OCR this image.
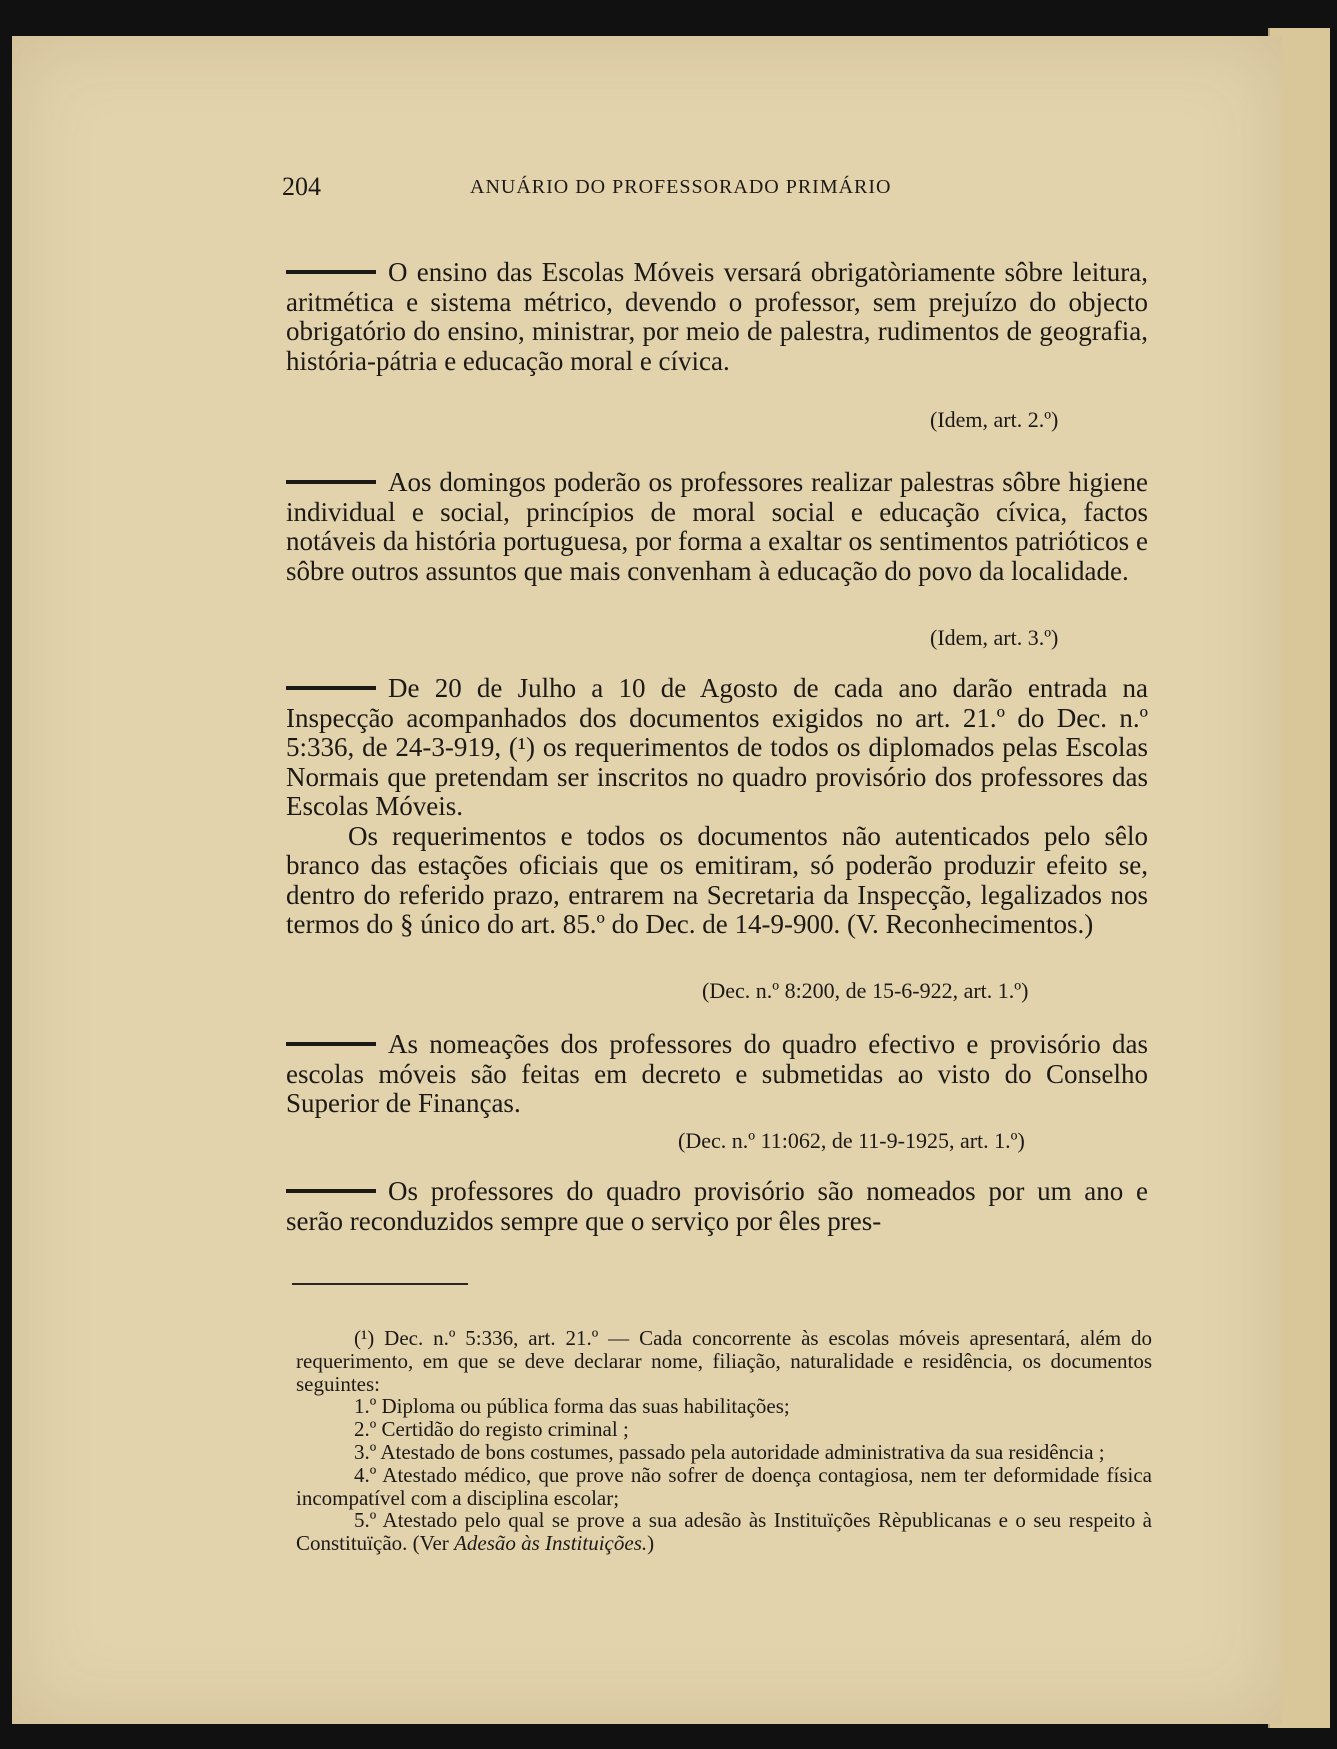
204	ANUÁRIO DO PROFESSORADO PRIMÁRIO

O ensino das Escolas Móveis versará obrigatòriamente sôbre leitura, aritmética e sistema métrico, devendo o professor, sem prejuízo do objecto obrigatório do ensino, ministrar, por meio de palestra, rudimentos de geografia, história-pátria e educação moral e cívica.

(Idem, art. 2.º)

Aos domingos poderão os professores realizar palestras sôbre higiene individual e social, princípios de moral social e educação cívica, factos notáveis da história portuguesa, por forma a exaltar os sentimentos patrióticos e sôbre outros assuntos que mais convenham à educação do povo da localidade.

(Idem, art. 3.º)

De 20 de Julho a 10 de Agosto de cada ano darão entrada na Inspecção acompanhados dos documentos exigidos no art. 21.º do Dec. n.º 5:336, de 24-3-919, (¹) os requerimentos de todos os diplomados pelas Escolas Normais que pretendam ser inscritos no quadro provisório dos professores das Escolas Móveis.

Os requerimentos e todos os documentos não autenticados pelo sêlo branco das estações oficiais que os emitiram, só poderão produzir efeito se, dentro do referido prazo, entrarem na Secretaria da Inspecção, legalizados nos termos do § único do art. 85.º do Dec. de 14-9-900. (V. Reconhecimentos.)

(Dec. n.º 8:200, de 15-6-922, art. 1.º)

As nomeações dos professores do quadro efectivo e provisório das escolas móveis são feitas em decreto e submetidas ao visto do Conselho Superior de Finanças.

(Dec. n.º 11:062, de 11-9-1925, art. 1.º)

Os professores do quadro provisório são nomeados por um ano e serão reconduzidos sempre que o serviço por êles pres-

(¹) Dec. n.º 5:336, art. 21.º — Cada concorrente às escolas móveis apresentará, além do requerimento, em que se deve declarar nome, filiação, naturalidade e residência, os documentos seguintes:

1.º Diploma ou pública forma das suas habilitações;

2.º Certidão do registo criminal ;

3.º Atestado de bons costumes, passado pela autoridade administrativa da sua residência ;

4.º Atestado médico, que prove não sofrer de doença contagiosa, nem ter deformidade física incompatível com a disciplina escolar;

5.º Atestado pelo qual se prove a sua adesão às Instituïções Rèpublicanas e o seu respeito à Constituïção. (Ver Adesão às Instituições.)
